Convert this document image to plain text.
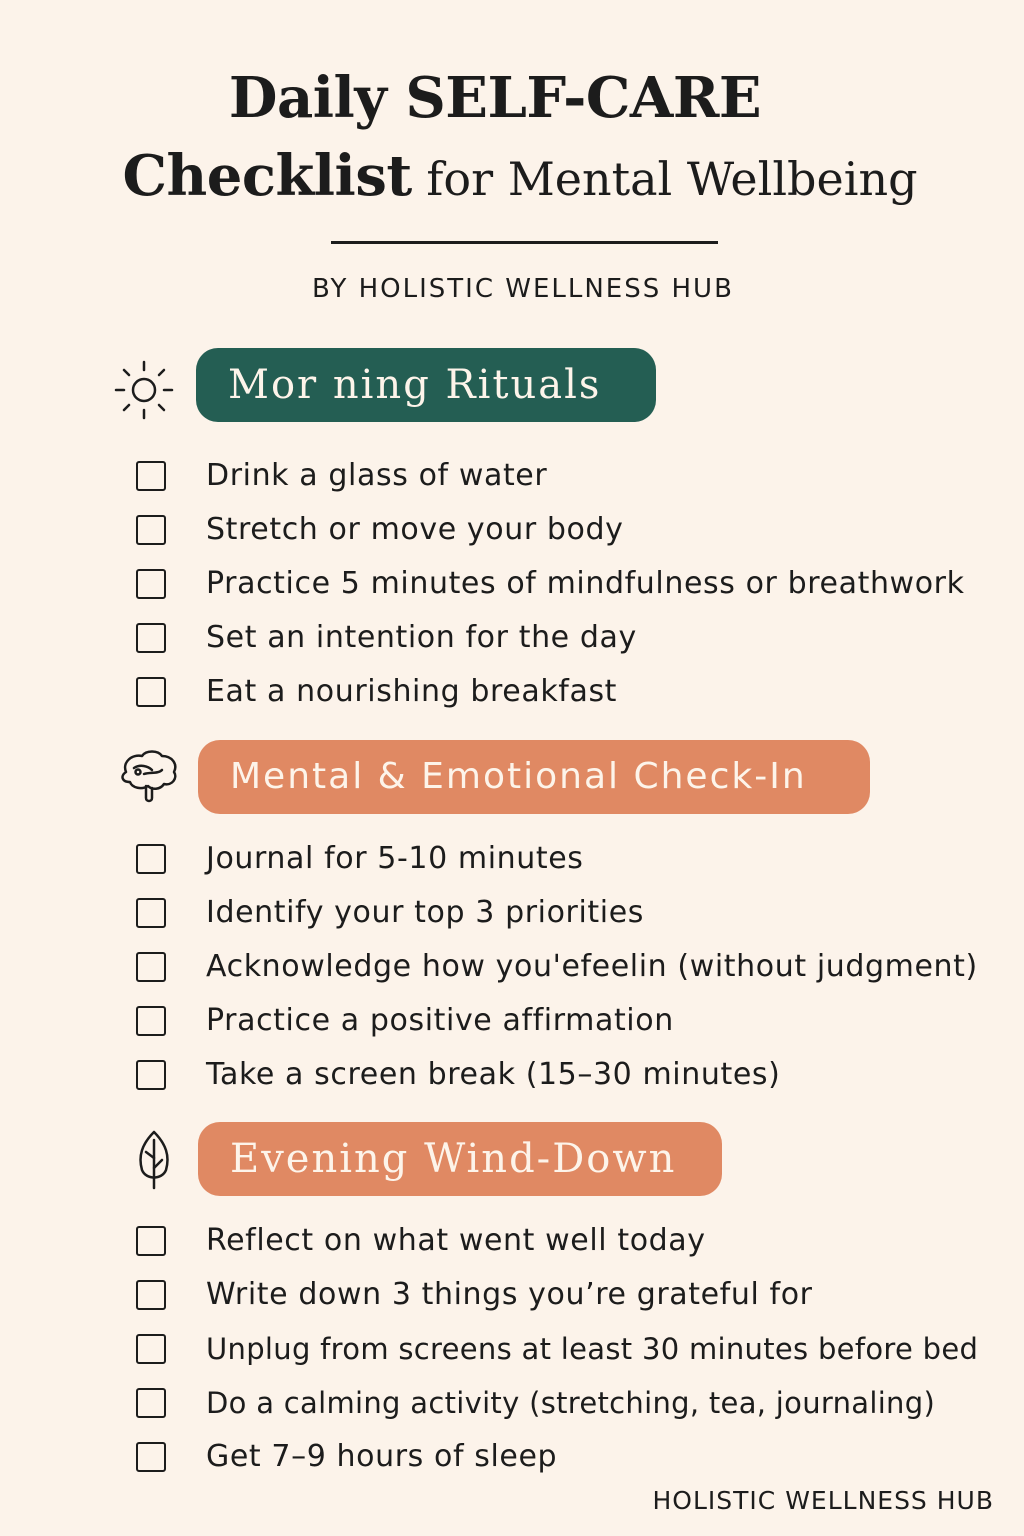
Daily SELF-CARE
Checklist for Mental Wellbeing
BY HOLISTIC WELLNESS HUB
Mor ning Rituals
Drink a glass of water
Stretch or move your body
Practice 5 minutes of mindfulness or breathwork
Set an intention for the day
Eat a nourishing breakfast
Mental & Emotional Check-In
Journal for 5-10 minutes
Identify your top 3 priorities
Acknowledge how you'efeelin (without judgment)
Practice a positive affirmation
Take a screen break (15–30 minutes)
Evening Wind-Down
Reflect on what went well today
Write down 3 things you’re grateful for
Unplug from screens at least 30 minutes before bed
Do a calming activity (stretching, tea, journaling)
Get 7–9 hours of sleep
HOLISTIC WELLNESS HUB
